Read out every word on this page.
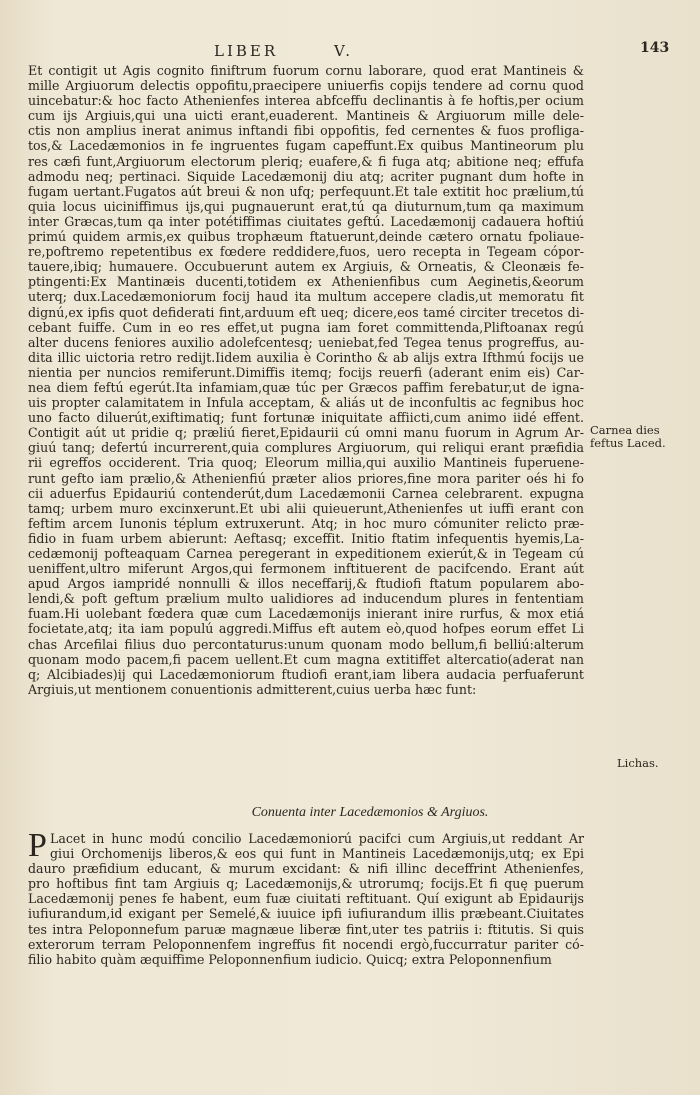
LIBER	V.	143
Et contigit ut Agis cognito finiftrum fuorum cornu laborare, quod erat Mantineis &
mille Argiuorum delectis oppofitu,praecipere uniuerfis copijs tendere ad cornu quod
uincebatur:& hoc facto Athenienfes interea abfceffu declinantis à fe hoftis,per ocium
cum ijs Argiuis,qui una uicti erant,euaderent. Mantineis & Argiuorum mille dele-
ctis non amplius inerat animus inftandi fibi oppofitis, fed cernentes & fuos profliga-
tos,& Lacedæmonios in fe ingruentes fugam capeffunt.Ex quibus Mantineorum plu
res cæfi funt,Argiuorum electorum pleriq; euafere,& fi fuga atq; abitione neq; effufa
admodu neq; pertinaci. Siquide Lacedæmonij diu atq; acriter pugnant dum hofte in
fugam uertant.Fugatos aút breui & non ufq; perfequunt.Et tale extitit hoc prælium,tú
quia locus uiciniffimus ijs,qui pugnauerunt erat,tú qa diuturnum,tum qa maximum
inter Græcas,tum qa inter potétiffimas ciuitates geftú. Lacedæmonij cadauera hoftiú
primú quidem armis,ex quibus trophæum ftatuerunt,deinde cætero ornatu fpoliaue-
re,poftremo repetentibus ex fœdere reddidere,fuos, uero recepta in Tegeam cópor-
tauere,ibiq; humauere. Occubuerunt autem ex Argiuis, & Orneatis, & Cleonæis fe-
ptingenti:Ex Mantinæis ducenti,totidem ex Athenienfibus cum Aeginetis,&eorum
uterq; dux.Lacedæmoniorum focij haud ita multum accepere cladis,ut memoratu fit
dignú,ex ipfis quot defiderati fint,arduum eft ueq; dicere,eos tamé circiter trecetos di-
cebant fuiffe. Cum in eo res effet,ut pugna iam foret committenda,Pliftoanax regú
alter ducens feniores auxilio adolefcentesq; ueniebat,fed Tegea tenus progreffus, au-
dita illic uictoria retro redijt.Iidem auxilia è Corintho & ab alijs extra Ifthmú focijs ue
nientia per nuncios remiferunt.Dimiffis itemq; focijs reuerfi (aderant enim eis) Car-
nea diem feftú egerút.Ita infamiam,quæ túc per Græcos paffim ferebatur,ut de igna-
uis propter calamitatem in Infula acceptam, & aliás ut de inconfultis ac fegnibus hoc
uno facto diluerút,exiftimatiq; funt fortunæ iniquitate affiicti,cum animo iidé effent.
Contigit aút ut pridie q; præliú fieret,Epidaurii cú omni manu fuorum in Agrum Ar-
giuú tanq; defertú incurrerent,quia complures Argiuorum, qui reliqui erant præfidia
rii egreffos occiderent. Tria quoq; Eleorum millia,qui auxilio Mantineis fuperuene-
runt gefto iam prælio,& Athenienfiú præter alios priores,fine mora pariter oés hi fo
cii aduerfus Epidauriú contenderút,dum Lacedæmonii Carnea celebrarent. expugna
tamq; urbem muro excinxerunt.Et ubi alii quieuerunt,Athenienfes ut iuffi erant con
feftim arcem Iunonis téplum extruxerunt. Atq; in hoc muro cómuniter relicto præ-
fidio in fuam urbem abierunt: Aeftasq; exceffit. Initio ftatim infequentis hyemis,La-
cedæmonij pofteaquam Carnea peregerant in expeditionem exierút,& in Tegeam cú
ueniffent,ultro miferunt Argos,qui fermonem inftituerent de pacifcendo. Erant aút
apud Argos iampridé nonnulli & illos neceffarij,& ftudiofi ftatum popularem abo-
lendi,& poft geftum prælium multo ualidiores ad inducendum plures in fententiam
fuam.Hi uolebant fœdera quæ cum Lacedæmonijs inierant inire rurfus, & mox etiá
focietate,atq; ita iam populú aggredi.Miffus eft autem eò,quod hofpes eorum effet Li
chas Arcefilai filius duo percontaturus:unum quonam modo bellum,fi belliú:alterum
quonam modo pacem,fi pacem uellent.Et cum magna extitiffet altercatio(aderat nan
q; Alcibiades)ij qui Lacedæmoniorum ftudiofi erant,iam libera audacia perfuaferunt
Argiuis,ut mentionem conuentionis admitterent,cuius uerba hæc funt:
Carnea dies
feftus Laced.
Lichas.
Conuenta inter Lacedæmonios & Argiuos.
P Lacet in hunc modú concilio Lacedæmoniorú pacifci cum Argiuis,ut reddant Ar
giui Orchomenijs liberos,& eos qui funt in Mantineis Lacedæmonijs,utq; ex Epi
dauro præfidium educant, & murum excidant: & nifi illinc deceffrint Athenienfes,
pro hoftibus fint tam Argiuis q; Lacedæmonijs,& utrorumq; focijs.Et fi quę puerum
Lacedæmonij penes fe habent, eum fuæ ciuitati reftituant. Quí exigunt ab Epidaurijs
iufiurandum,id exigant per Semelé,& iuuice ipfi iufiurandum illis præbeant.Ciuitates
tes intra Peloponnefum paruæ magnæue liberæ fint,uter tes patriis i: ftitutis. Si quis
exterorum terram Peloponnenfem ingreffus fit nocendi ergò,fuccurratur pariter có-
filio habito quàm æquiffime Peloponnenfium iudicio. Quicq; extra Peloponnenfium
